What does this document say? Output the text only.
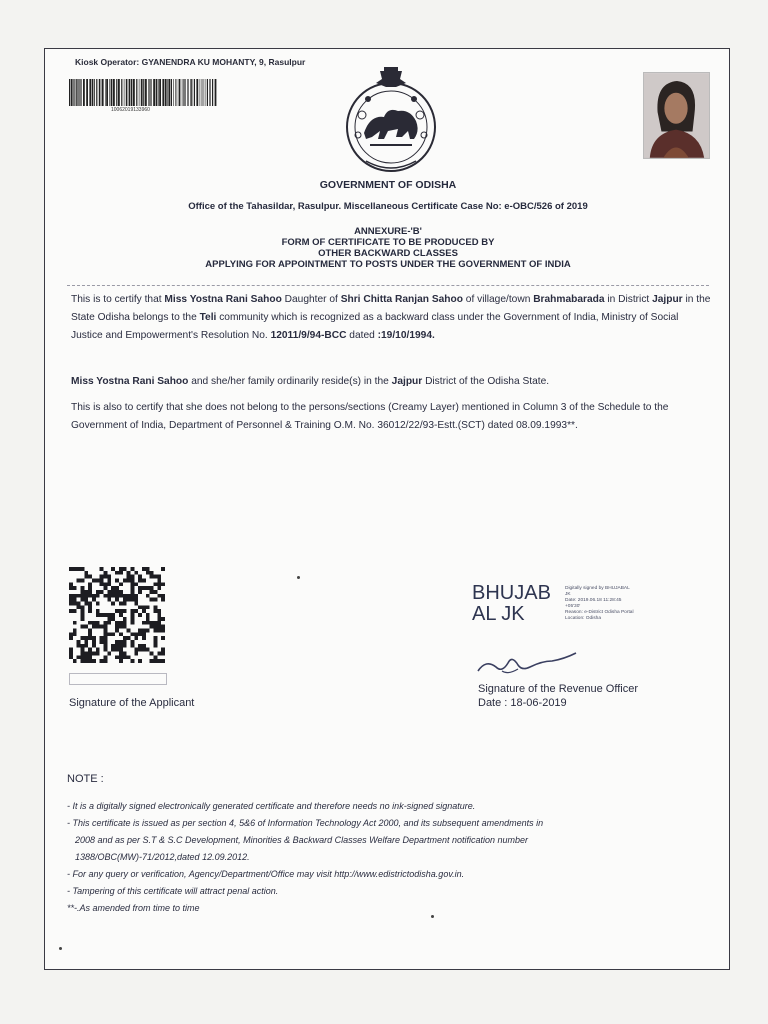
Kiosk Operator: GYANENDRA KU MOHANTY, 9, Rasulpur
10062019133960
GOVERNMENT OF ODISHA
Office of the Tahasildar, Rasulpur. Miscellaneous Certificate Case No: e-OBC/526 of 2019
ANNEXURE-'B'
FORM OF CERTIFICATE TO BE PRODUCED BY
OTHER BACKWARD CLASSES
APPLYING FOR APPOINTMENT TO POSTS UNDER THE GOVERNMENT OF INDIA
This is to certify that Miss Yostna Rani Sahoo Daughter of Shri Chitta Ranjan Sahoo of village/town Brahmabarada in District Jajpur in the State Odisha belongs to the Teli community which is recognized as a backward class under the Government of India, Ministry of Social Justice and Empowerment's Resolution No. 12011/9/94-BCC dated :19/10/1994.
Miss Yostna Rani Sahoo and she/her family ordinarily reside(s) in the Jajpur District of the Odisha State.
This is also to certify that she does not belong to the persons/sections (Creamy Layer) mentioned in Column 3 of the Schedule to the Government of India, Department of Personnel & Training O.M. No. 36012/22/93-Estt.(SCT) dated 08.09.1993**.
Signature of the Applicant
BHUJAB
AL JK
Digitally signed by BHUJABAL
JK
Date: 2019.06.18 11:28:45
+05'30'
Reason: e-District Odisha Portal
Location: Odisha
Signature of the Revenue Officer
Date : 18-06-2019
NOTE :
- It is a digitally signed electronically generated certificate and therefore needs no ink-signed signature.
- This certificate is issued as per section 4, 5&6 of Information Technology Act 2000, and its subsequent amendments in
2008 and as per S.T & S.C Development, Minorities & Backward Classes Welfare Department notification number
1388/OBC(MW)-71/2012,dated 12.09.2012.
- For any query or verification, Agency/Department/Office may visit http://www.edistrictodisha.gov.in.
- Tampering of this certificate will attract penal action.
**-.As amended from time to time
